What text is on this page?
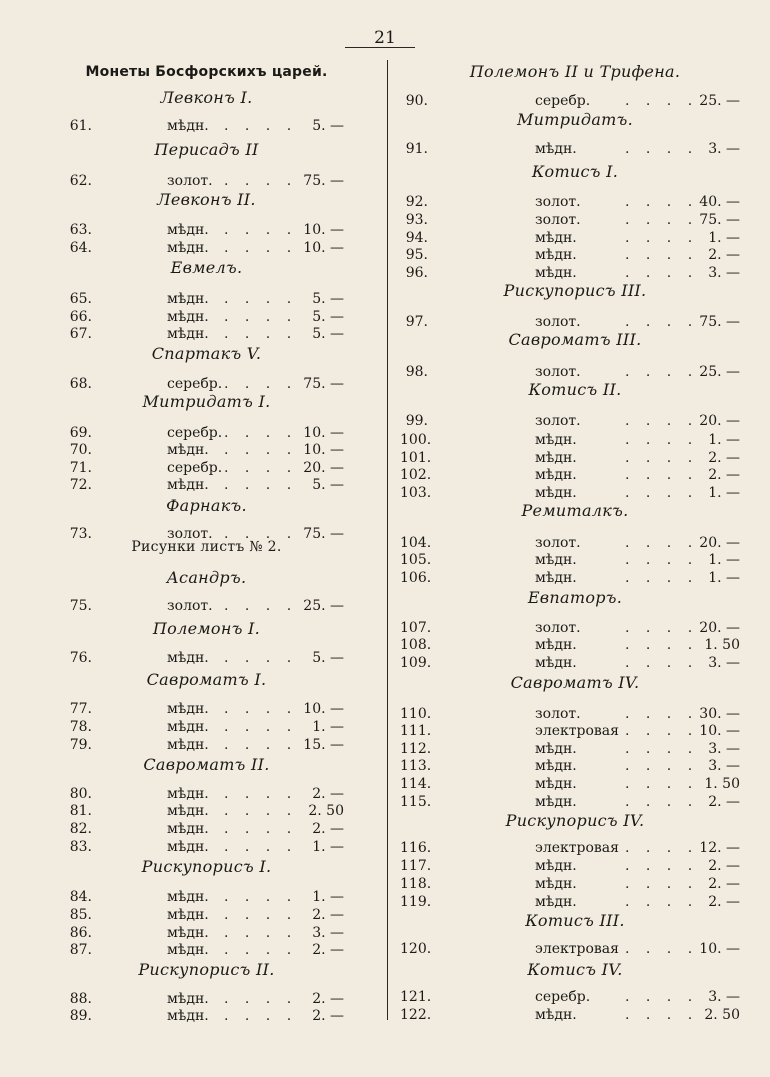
21
Монеты Босфорскихъ царей.
Левконъ I.
61.	мѣдн. . . . .	5. —
Перисадъ II
62.	золот. . . . . 75. —
Левконъ II.
63.	мѣдн. . . . . 10. —
64.	мѣдн. . . . . 10. —
Евмелъ.
65.	мѣдн. . . . .	5. —
66.	мѣдн. . . . .	5. —
67.	мѣдн. . . . .	5. —
Спартакъ V.
68.	серебр. . . . . 75. —
Митридатъ I.
69.	серебр. . . . . 10. —
70.	мѣдн. . . . . 10. —
71.	серебр. . . . . 20. —
72.	мѣдн. . . . .	5. —
Фарнакъ.
73.	золот. . . . . 75. —
Рисунки листъ № 2.
Асандръ.
75.	золот. . . . . 25. —
Полемонъ I.
76.	мѣдн. . . . .	5. —
Савроматъ I.
77.	мѣдн. . . . . 10. —
78.	мѣдн. . . . .	1. —
79.	мѣдн. . . . . 15. —
Савроматъ II.
80.	мѣдн. . . . .	2. —
81.	мѣдн. . . . . 2. 50
82.	мѣдн. . . . .	2. —
83.	мѣдн. . . . .	1. —
Рискупорисъ I.
84.	мѣдн. . . . .	1. —
85.	мѣдн. . . . .	2. —
86.	мѣдн. . . . .	3. —
87.	мѣдн. . . . .	2. —
Рискупорисъ II.
88.	мѣдн. . . . .	2. —
89.	мѣдн. . . . .	2. —
Полемонъ II и Трифена.
90.	серебр. . . . . 25. —
Митридатъ.
91.	мѣдн.	. . . . 3. —
Котисъ I.
92.	золот.	. . . . 40. —
93.	золот.	. . . . 75. —
94.	мѣдн.	. . . . 1. —
95.	мѣдн.	. . . . 2. —
96.	мѣдн.	. . . . 3. —
Рискупорисъ III.
97.	золот.	. . . . 75. —
Савроматъ III.
98.	золот.	. . . . 25. —
Котисъ II.
99.	золот.	. . . . 20. —
100.	мѣдн.	. . . . 1. —
101.	мѣдн.	. . . . 2. —
102.	мѣдн.	. . . . 2. —
103.	мѣдн.	. . . . 1. —
Ремиталкъ.
104.	золот.	. . . . 20. —
105.	мѣдн.	. . . . 1. —
106.	мѣдн.	. . . . 1. —
Евпаторъ.
107.	золот.	. . . . 20. —
108.	мѣдн.	. . . . 1. 50
109.	мѣдн.	. . . . 3. —
Савроматъ IV.
110.	золот.	. . . . 30. —
111.	электровая . . . . 10. —
112.	мѣдн.	. . . . 3. —
113.	мѣдн.	. . . . 3. —
114.	мѣдн.	. . . . 1. 50
115.	мѣдн.	. . . . 2. —
Рискупорисъ IV.
116.	электровая . . . . 12. —
117.	мѣдн.	. . . . 2. —
118.	мѣдн.	. . . . 2. —
119.	мѣдн.	. . . . 2. —
Котисъ III.
120.	электровая . . . . 10. —
Котисъ IV.
121.	серебр. . . . . 3. —
122.	мѣдн.	. . . . 2. 50
